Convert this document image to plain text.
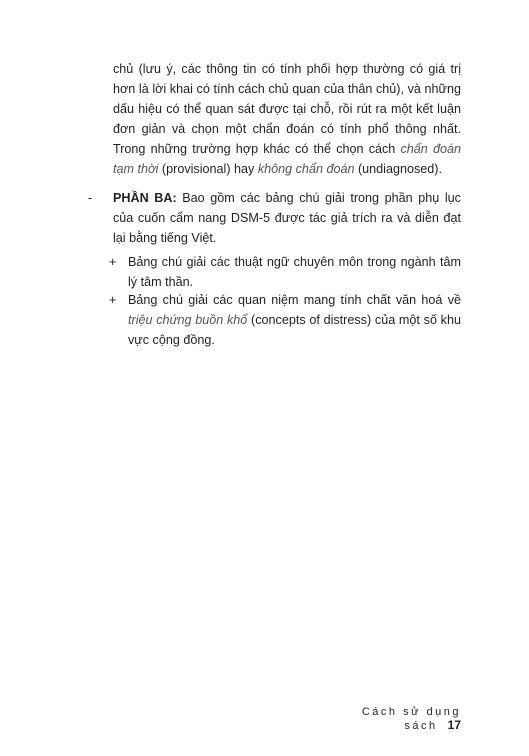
chủ (lưu ý, các thông tin có tính phối hợp thường có giá trị hơn là lời khai có tính cách chủ quan của thân chủ), và những dấu hiệu có thể quan sát được tại chỗ, rồi rút ra một kết luận đơn giản và chọn một chẩn đoán có tính phổ thông nhất. Trong những trường hợp khác có thể chọn cách chẩn đoán tạm thời (provisional) hay không chẩn đoán (undiagnosed).

- PHẦN BA: Bao gồm các bảng chú giải trong phần phụ lục của cuốn cẩm nang DSM-5 được tác giả trích ra và diễn đạt lại bằng tiếng Việt.

+ Bảng chú giải các thuật ngữ chuyên môn trong ngành tâm lý tâm thần.

+ Bảng chú giải các quan niệm mang tính chất văn hoá về triệu chứng buồn khổ (concepts of distress) của một số khu vực cộng đồng.

Cách sử dụng sách 17
